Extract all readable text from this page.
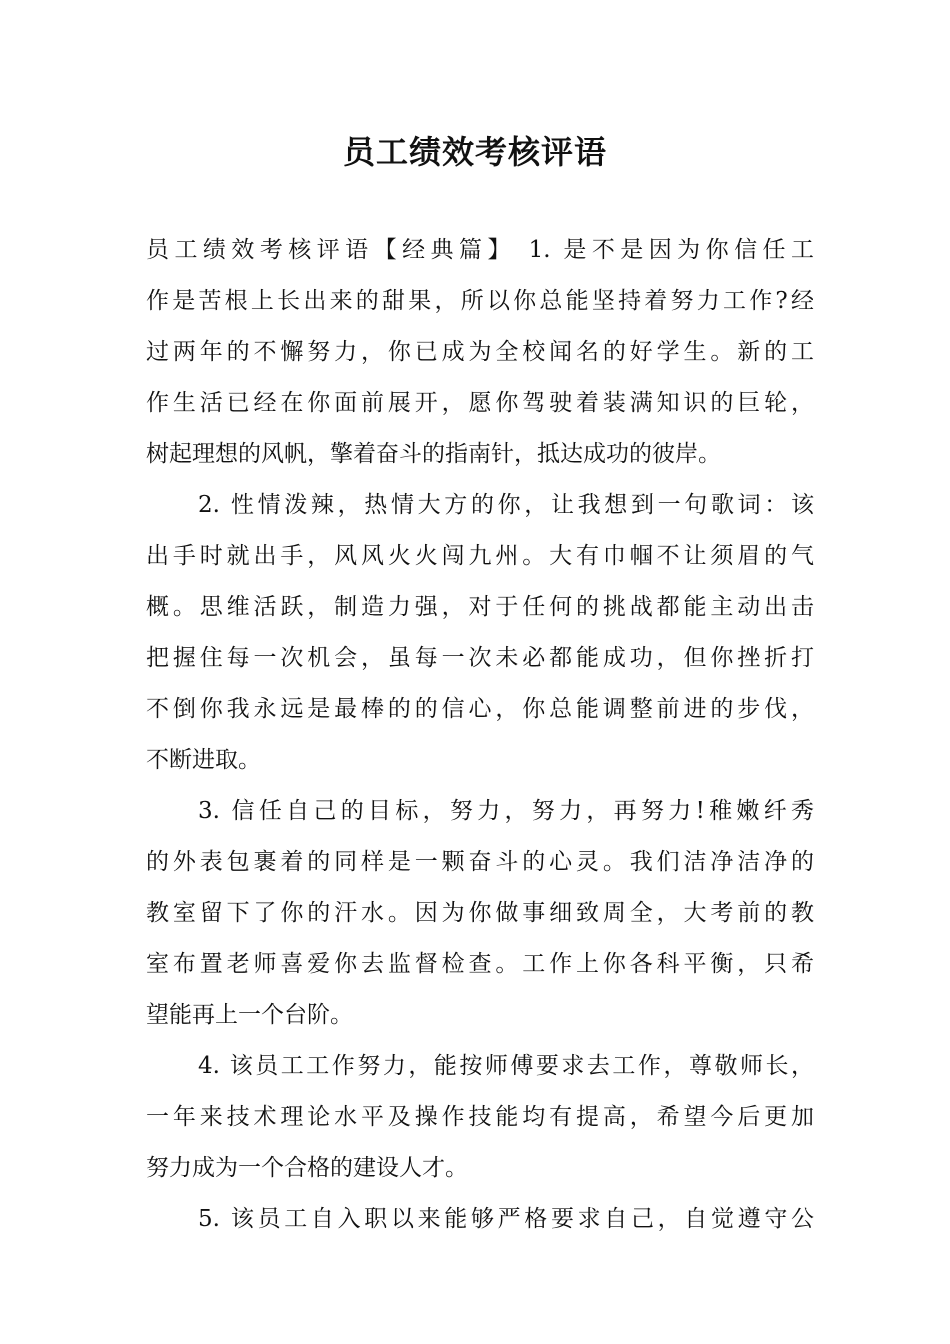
员工绩效考核评语
员工绩效考核评语【经典篇】 1. 是不是因为你信任工
作是苦根上长出来的甜果，所以你总能坚持着努力工作?经
过两年的不懈努力，你已成为全校闻名的好学生。新的工
作生活已经在你面前展开，愿你驾驶着装满知识的巨轮，
树起理想的风帆，擎着奋斗的指南针，抵达成功的彼岸。
2. 性情泼辣，热情大方的你，让我想到一句歌词：该
出手时就出手，风风火火闯九州。大有巾帼不让须眉的气
概。思维活跃，制造力强，对于任何的挑战都能主动出击
把握住每一次机会，虽每一次未必都能成功，但你挫折打
不倒你我永远是最棒的的信心，你总能调整前进的步伐，
不断进取。
3. 信任自己的目标，努力，努力，再努力!稚嫩纤秀
的外表包裹着的同样是一颗奋斗的心灵。我们洁净洁净的
教室留下了你的汗水。因为你做事细致周全，大考前的教
室布置老师喜爱你去监督检查。工作上你各科平衡，只希
望能再上一个台阶。
4. 该员工工作努力，能按师傅要求去工作，尊敬师长，
一年来技术理论水平及操作技能均有提高，希望今后更加
努力成为一个合格的建设人才。
5. 该员工自入职以来能够严格要求自己，自觉遵守公
